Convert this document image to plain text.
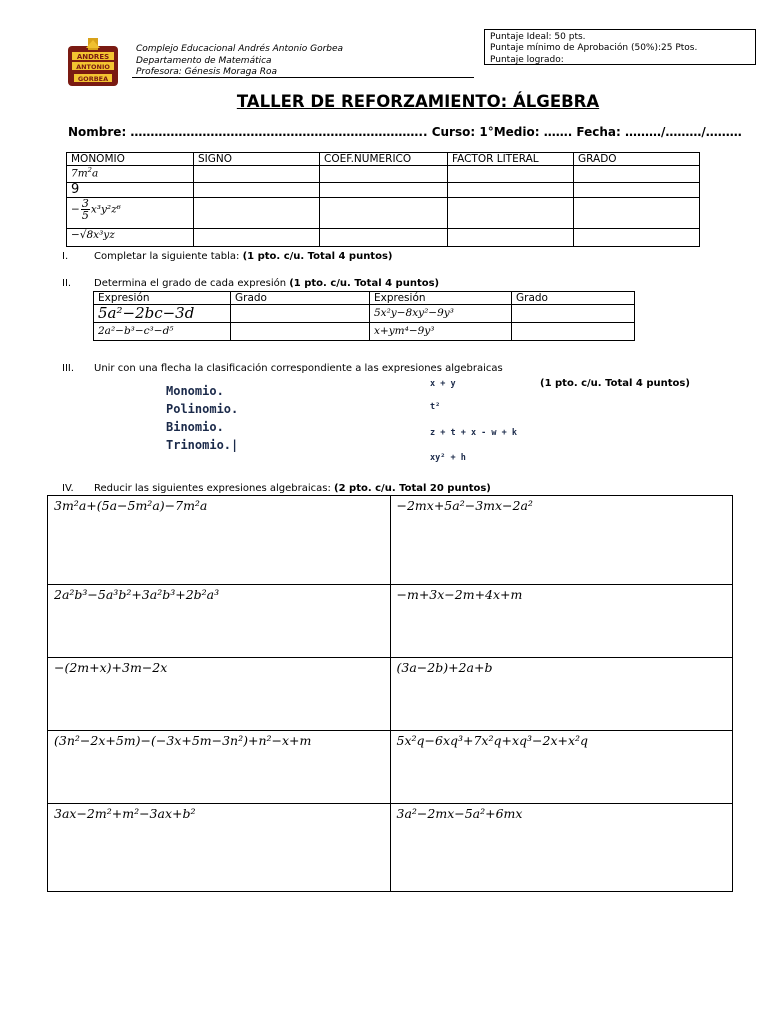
ANDRES
ANTONIO
GORBEA
Complejo Educacional Andrés Antonio Gorbea
Departamento de Matemática
Profesora: Génesis Moraga Roa
Puntaje Ideal: 50 pts.
Puntaje mínimo de Aprobación (50%):25 Ptos.
Puntaje logrado:
TALLER DE REFORZAMIENTO: ÁLGEBRA
Nombre: ……………………………………………………………….. Curso: 1°Medio: ……. Fecha: ………/………/………
MONOMIO	SIGNO	COEF.NUMERICO	FACTOR LITERAL	GRADO
$7m^2a$				
9				
− $\frac{3}{5} x^3y^2z^6$				
−√8x³yz				
I.	Completar la siguiente tabla: (1 pto. c/u. Total 4 puntos)
II. Determina el grado de cada expresión (1 pto. c/u. Total 4 puntos)
Expresión	Grado	Expresión	Grado
5a²−2bc−3d		5x²y−8xy²−9y³	
2a²−b³−c³−d⁵		x+ym⁴−9y³	
III. Unir con una flecha la clasificación correspondiente a las expresiones algebraicas
(1 pto. c/u. Total 4 puntos)
Monomio.
Polinomio.
Binomio.
Trinomio.|
x + y
t²
z + t + x - w + k
xy² + h
IV. Reducir las siguientes expresiones algebraicas: (2 pto. c/u. Total 20 puntos)
3m²a+(5a−5m²a)−7m²a	−2mx+5a²−3mx−2a²
2a²b³−5a³b²+3a²b³+2b²a³	−m+3x−2m+4x+m
−(2m+x)+3m−2x	(3a−2b)+2a+b
(3n²−2x+5m)−(−3x+5m−3n²)+n²−x+m	5x²q−6xq³+7x²q+xq³−2x+x²q
3ax−2m²+m²−3ax+b²	3a²−2mx−5a²+6mx
